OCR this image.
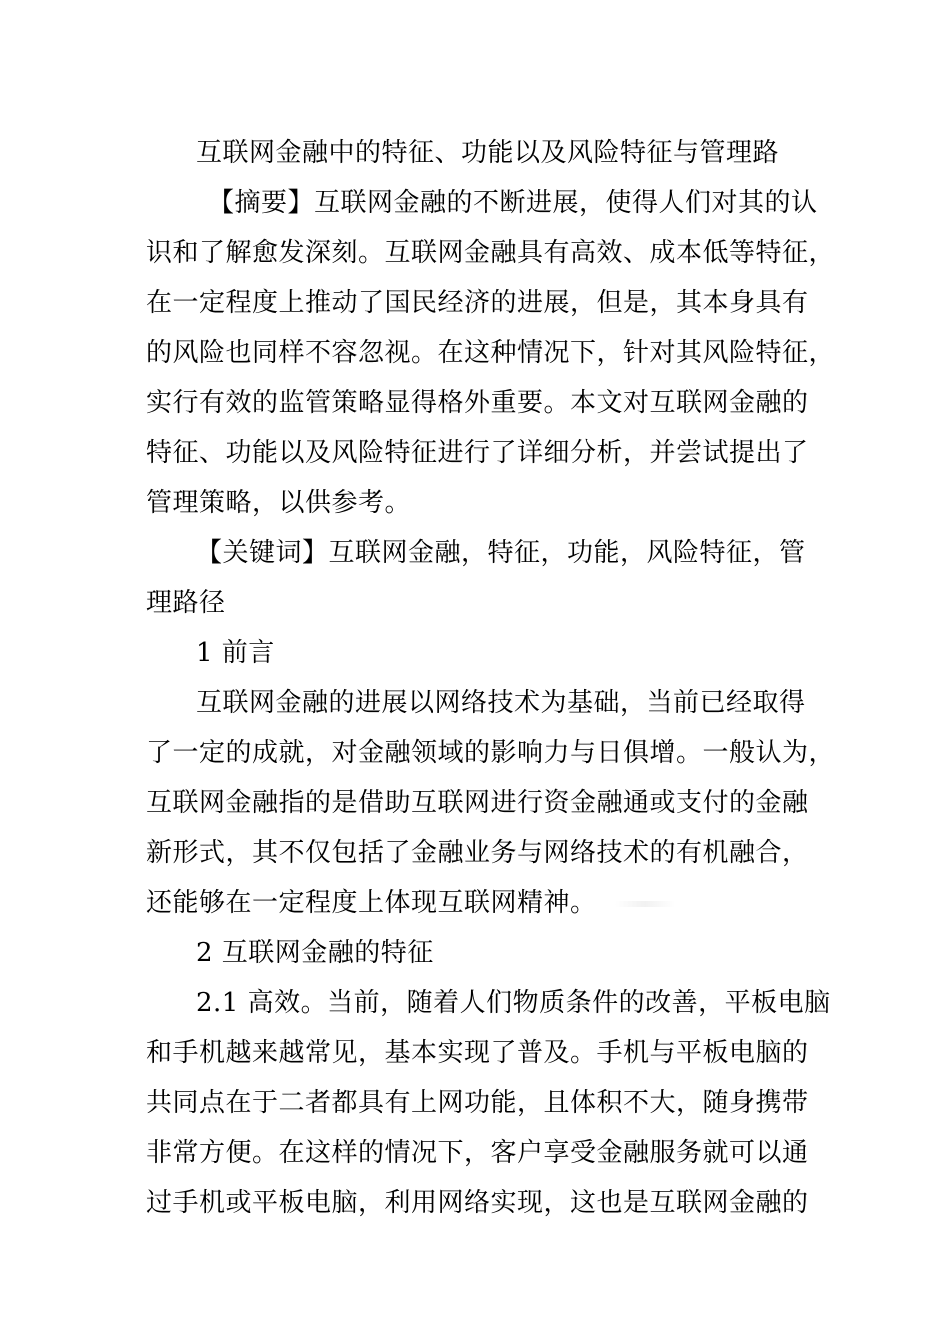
互联网金融中的特征、功能以及风险特征与管理路
【摘要】互联网金融的不断进展，使得人们对其的认
识和了解愈发深刻。互联网金融具有高效、成本低等特征，
在一定程度上推动了国民经济的进展，但是，其本身具有
的风险也同样不容忽视。在这种情况下，针对其风险特征，
实行有效的监管策略显得格外重要。本文对互联网金融的
特征、功能以及风险特征进行了详细分析，并尝试提出了
管理策略，以供参考。
【关键词】互联网金融，特征，功能，风险特征，管
理路径
1 前言
互联网金融的进展以网络技术为基础，当前已经取得
了一定的成就，对金融领域的影响力与日俱增。一般认为，
互联网金融指的是借助互联网进行资金融通或支付的金融
新形式，其不仅包括了金融业务与网络技术的有机融合，
还能够在一定程度上体现互联网精神。
2 互联网金融的特征
2.1 高效。当前，随着人们物质条件的改善，平板电脑
和手机越来越常见，基本实现了普及。手机与平板电脑的
共同点在于二者都具有上网功能，且体积不大，随身携带
非常方便。在这样的情况下，客户享受金融服务就可以通
过手机或平板电脑，利用网络实现，这也是互联网金融的
